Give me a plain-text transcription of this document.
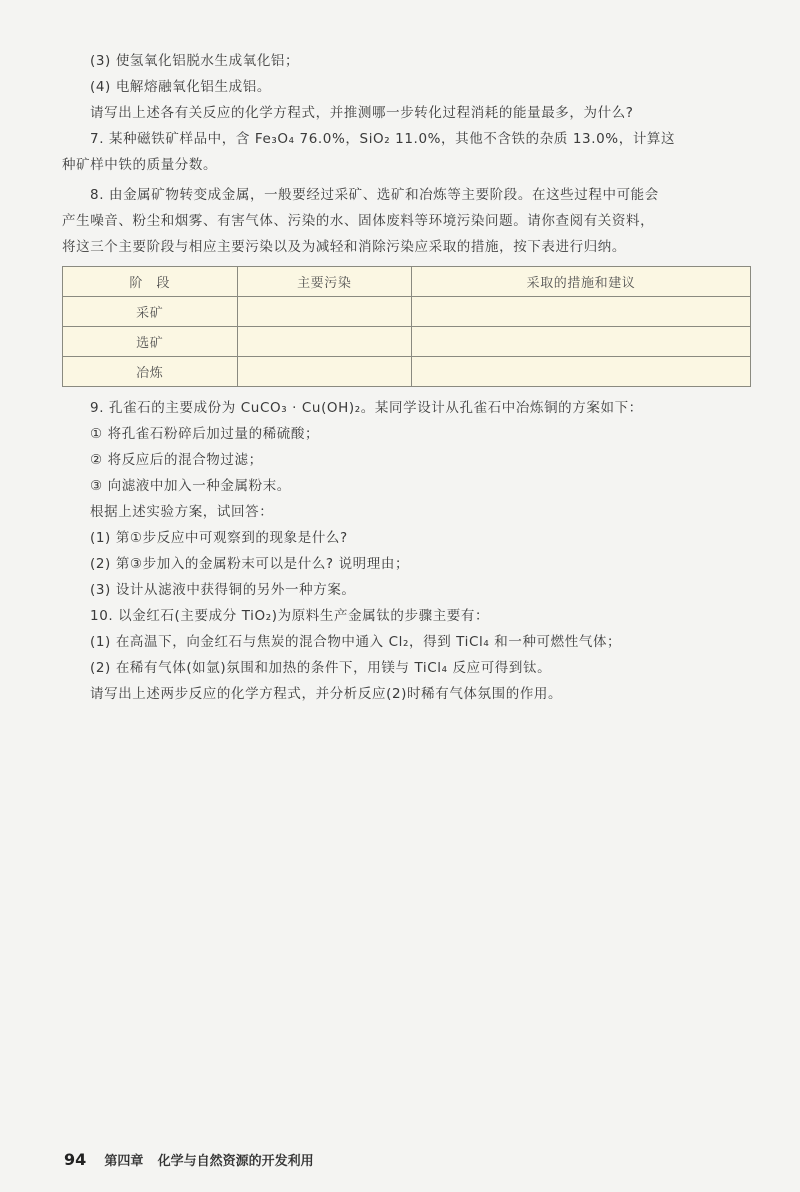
(3) 使氢氧化铝脱水生成氧化铝；
(4) 电解熔融氧化铝生成铝。
请写出上述各有关反应的化学方程式，并推测哪一步转化过程消耗的能量最多，为什么?
7. 某种磁铁矿样品中，含 Fe₃O₄ 76.0%，SiO₂ 11.0%，其他不含铁的杂质 13.0%，计算这
种矿样中铁的质量分数。
8. 由金属矿物转变成金属，一般要经过采矿、选矿和冶炼等主要阶段。在这些过程中可能会
产生噪音、粉尘和烟雾、有害气体、污染的水、固体废料等环境污染问题。请你查阅有关资料，
将这三个主要阶段与相应主要污染以及为减轻和消除污染应采取的措施，按下表进行归纳。
阶　段	主要污染	采取的措施和建议
采矿		
选矿		
冶炼		
9. 孔雀石的主要成份为 CuCO₃ · Cu(OH)₂。某同学设计从孔雀石中冶炼铜的方案如下：
① 将孔雀石粉碎后加过量的稀硫酸；
② 将反应后的混合物过滤；
③ 向滤液中加入一种金属粉末。
根据上述实验方案，试回答：
(1) 第①步反应中可观察到的现象是什么?
(2) 第③步加入的金属粉末可以是什么? 说明理由；
(3) 设计从滤液中获得铜的另外一种方案。
10. 以金红石(主要成分 TiO₂)为原料生产金属钛的步骤主要有：
(1) 在高温下，向金红石与焦炭的混合物中通入 Cl₂，得到 TiCl₄ 和一种可燃性气体；
(2) 在稀有气体(如氩)氛围和加热的条件下，用镁与 TiCl₄ 反应可得到钛。
请写出上述两步反应的化学方程式，并分析反应(2)时稀有气体氛围的作用。
94 第四章 化学与自然资源的开发利用
